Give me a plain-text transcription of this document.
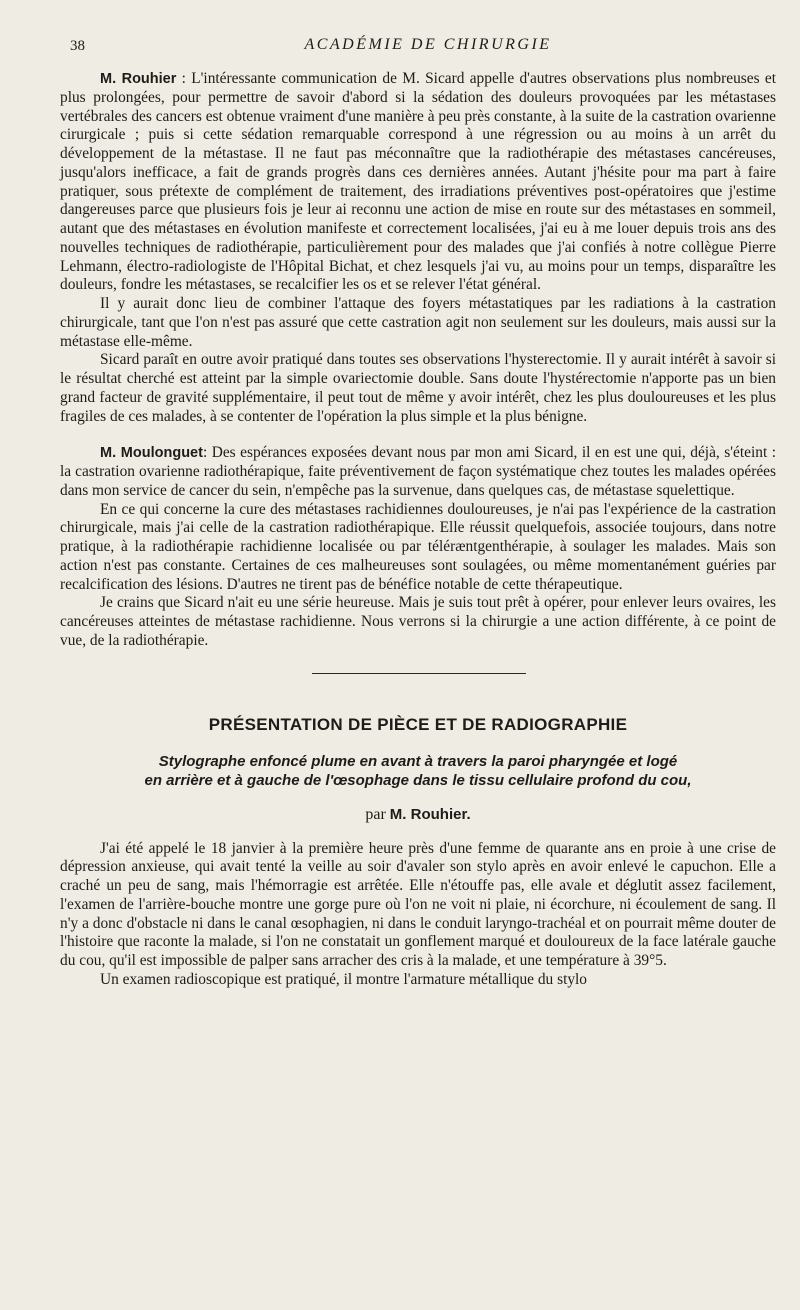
38	ACADÉMIE DE CHIRURGIE

M. Rouhier : L'intéressante communication de M. Sicard appelle d'autres observations plus nombreuses et plus prolongées, pour permettre de savoir d'abord si la sédation des douleurs provoquées par les métastases vertébrales des cancers est obtenue vraiment d'une manière à peu près constante, à la suite de la castration ovarienne cirurgicale ; puis si cette sédation remarquable correspond à une régression ou au moins à un arrêt du développement de la métastase. Il ne faut pas méconnaître que la radiothérapie des métastases cancéreuses, jusqu'alors inefficace, a fait de grands progrès dans ces dernières années. Autant j'hésite pour ma part à faire pratiquer, sous prétexte de complément de traitement, des irradiations préventives post-opératoires que j'estime dangereuses parce que plusieurs fois je leur ai reconnu une action de mise en route sur des métastases en sommeil, autant que des métastases en évolution manifeste et correctement localisées, j'ai eu à me louer depuis trois ans des nouvelles techniques de radiothérapie, particulièrement pour des malades que j'ai confiés à notre collègue Pierre Lehmann, électro-radiologiste de l'Hôpital Bichat, et chez lesquels j'ai vu, au moins pour un temps, disparaître les douleurs, fondre les métastases, se recalcifier les os et se relever l'état général.

Il y aurait donc lieu de combiner l'attaque des foyers métastatiques par les radiations à la castration chirurgicale, tant que l'on n'est pas assuré que cette castration agit non seulement sur les douleurs, mais aussi sur la métastase elle-même.

Sicard paraît en outre avoir pratiqué dans toutes ses observations l'hysterectomie. Il y aurait intérêt à savoir si le résultat cherché est atteint par la simple ovariectomie double. Sans doute l'hystérectomie n'apporte pas un bien grand facteur de gravité supplémentaire, il peut tout de même y avoir intérêt, chez les plus douloureuses et les plus fragiles de ces malades, à se contenter de l'opération la plus simple et la plus bénigne.

M. Moulonguet: Des espérances exposées devant nous par mon ami Sicard, il en est une qui, déjà, s'éteint : la castration ovarienne radiothérapique, faite préventivement de façon systématique chez toutes les malades opérées dans mon service de cancer du sein, n'empêche pas la survenue, dans quelques cas, de métastase squelettique.

En ce qui concerne la cure des métastases rachidiennes douloureuses, je n'ai pas l'expérience de la castration chirurgicale, mais j'ai celle de la castration radiothérapique. Elle réussit quelquefois, associée toujours, dans notre pratique, à la radiothérapie rachidienne localisée ou par téléræntgenthérapie, à soulager les malades. Mais son action n'est pas constante. Certaines de ces malheureuses sont soulagées, ou même momentanément guéries par recalcification des lésions. D'autres ne tirent pas de bénéfice notable de cette thérapeutique.

Je crains que Sicard n'ait eu une série heureuse. Mais je suis tout prêt à opérer, pour enlever leurs ovaires, les cancéreuses atteintes de métastase rachidienne. Nous verrons si la chirurgie a une action différente, à ce point de vue, de la radiothérapie.

PRÉSENTATION DE PIÈCE ET DE RADIOGRAPHIE
Stylographe enfoncé plume en avant à travers la paroi pharyngée et logé
en arrière et à gauche de l'œsophage dans le tissu cellulaire profond du cou,
par M. Rouhier.

J'ai été appelé le 18 janvier à la première heure près d'une femme de quarante ans en proie à une crise de dépression anxieuse, qui avait tenté la veille au soir d'avaler son stylo après en avoir enlevé le capuchon. Elle a craché un peu de sang, mais l'hémorragie est arrêtée. Elle n'étouffe pas, elle avale et déglutit assez facilement, l'examen de l'arrière-bouche montre une gorge pure où l'on ne voit ni plaie, ni écorchure, ni écoulement de sang. Il n'y a donc d'obstacle ni dans le canal œsophagien, ni dans le conduit laryngo-trachéal et on pourrait même douter de l'histoire que raconte la malade, si l'on ne constatait un gonflement marqué et douloureux de la face latérale gauche du cou, qu'il est impossible de palper sans arracher des cris à la malade, et une température à 39°5.

Un examen radioscopique est pratiqué, il montre l'armature métallique du stylo
